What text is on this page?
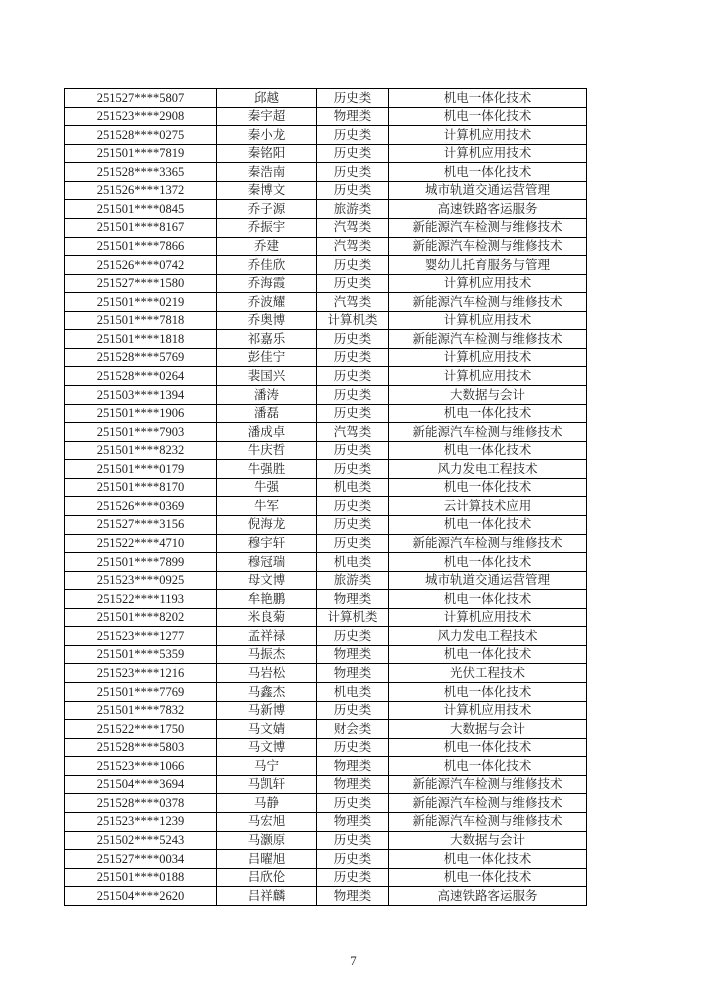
251527****5807	邱越	历史类	机电一体化技术
251523****2908	秦宇超	物理类	机电一体化技术
251528****0275	秦小龙	历史类	计算机应用技术
251501****7819	秦铭阳	历史类	计算机应用技术
251528****3365	秦浩南	历史类	机电一体化技术
251526****1372	秦博文	历史类	城市轨道交通运营管理
251501****0845	乔子源	旅游类	高速铁路客运服务
251501****8167	乔振宇	汽驾类	新能源汽车检测与维修技术
251501****7866	乔建	汽驾类	新能源汽车检测与维修技术
251526****0742	乔佳欣	历史类	婴幼儿托育服务与管理
251527****1580	乔海霞	历史类	计算机应用技术
251501****0219	乔波耀	汽驾类	新能源汽车检测与维修技术
251501****7818	乔奥博	计算机类	计算机应用技术
251501****1818	祁嘉乐	历史类	新能源汽车检测与维修技术
251528****5769	彭佳宁	历史类	计算机应用技术
251528****0264	裴国兴	历史类	计算机应用技术
251503****1394	潘涛	历史类	大数据与会计
251501****1906	潘磊	历史类	机电一体化技术
251501****7903	潘成卓	汽驾类	新能源汽车检测与维修技术
251501****8232	牛庆哲	历史类	机电一体化技术
251501****0179	牛强胜	历史类	风力发电工程技术
251501****8170	牛强	机电类	机电一体化技术
251526****0369	牛军	历史类	云计算技术应用
251527****3156	倪海龙	历史类	机电一体化技术
251522****4710	穆宇轩	历史类	新能源汽车检测与维修技术
251501****7899	穆冠瑞	机电类	机电一体化技术
251523****0925	母文博	旅游类	城市轨道交通运营管理
251522****1193	牟艳鹏	物理类	机电一体化技术
251501****8202	米良菊	计算机类	计算机应用技术
251523****1277	孟祥禄	历史类	风力发电工程技术
251501****5359	马振杰	物理类	机电一体化技术
251523****1216	马岩松	物理类	光伏工程技术
251501****7769	马鑫杰	机电类	机电一体化技术
251501****7832	马新博	历史类	计算机应用技术
251522****1750	马文婧	财会类	大数据与会计
251528****5803	马文博	历史类	机电一体化技术
251523****1066	马宁	物理类	机电一体化技术
251504****3694	马凯轩	物理类	新能源汽车检测与维修技术
251528****0378	马静	历史类	新能源汽车检测与维修技术
251523****1239	马宏旭	物理类	新能源汽车检测与维修技术
251502****5243	马灏原	历史类	大数据与会计
251527****0034	吕曜旭	历史类	机电一体化技术
251501****0188	吕欣伦	历史类	机电一体化技术
251504****2620	吕祥麟	物理类	高速铁路客运服务
7
